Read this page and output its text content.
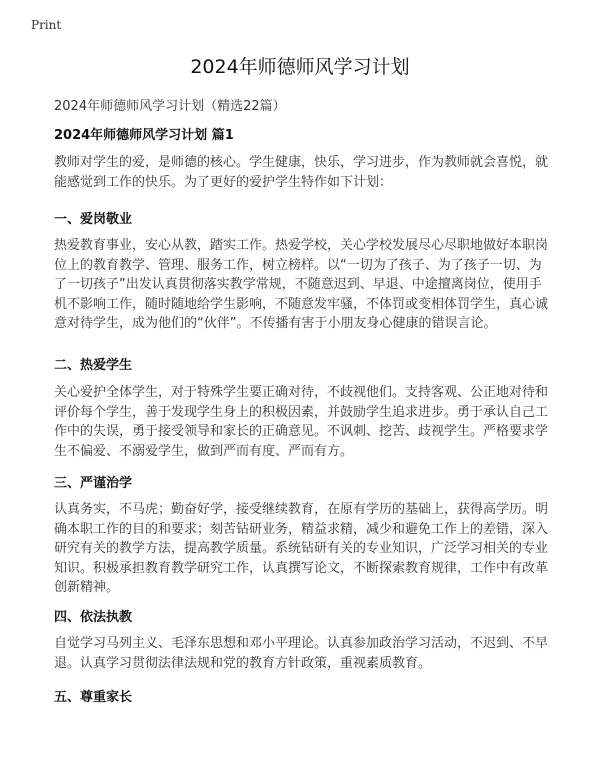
Print
2024年师德师风学习计划
2024年师德师风学习计划（精选22篇）
2024年师德师风学习计划 篇1

教师对学生的爱，是师德的核心。学生健康，快乐，学习进步，作为教师就会喜悦，就能感觉到工作的快乐。为了更好的爱护学生特作如下计划：

一、爱岗敬业

热爱教育事业，安心从教，踏实工作。热爱学校，关心学校发展尽心尽职地做好本职岗位上的教育教学、管理、服务工作，树立榜样。以“一切为了孩子、为了孩子一切、为了一切孩子”出发认真贯彻落实教学常规，不随意迟到、早退、中途擅离岗位，使用手机不影响工作，随时随地给学生影响，不随意发牢骚，不体罚或变相体罚学生，真心诚意对待学生，成为他们的“伙伴”。不传播有害于小朋友身心健康的错误言论。

二、热爱学生

关心爱护全体学生，对于特殊学生要正确对待，不歧视他们。支持客观、公正地对待和评价每个学生，善于发现学生身上的积极因素，并鼓励学生追求进步。勇于承认自己工作中的失误，勇于接受领导和家长的正确意见。不讽刺、挖苦、歧视学生。严格要求学生不偏爱、不溺爱学生，做到严而有度、严而有方。

三、严谨治学

认真务实，不马虎；勤奋好学，接受继续教育，在原有学历的基础上，获得高学历。明确本职工作的目的和要求；刻苦钻研业务，精益求精，减少和避免工作上的差错，深入研究有关的教学方法，提高教学质量。系统钻研有关的专业知识，广泛学习相关的专业知识。积极承担教育教学研究工作，认真撰写论文，不断探索教育规律，工作中有改革创新精神。

四、依法执教

自觉学习马列主义、毛泽东思想和邓小平理论。认真参加政治学习活动，不迟到、不早退。认真学习贯彻法律法规和党的教育方针政策，重视素质教育。

五、尊重家长
